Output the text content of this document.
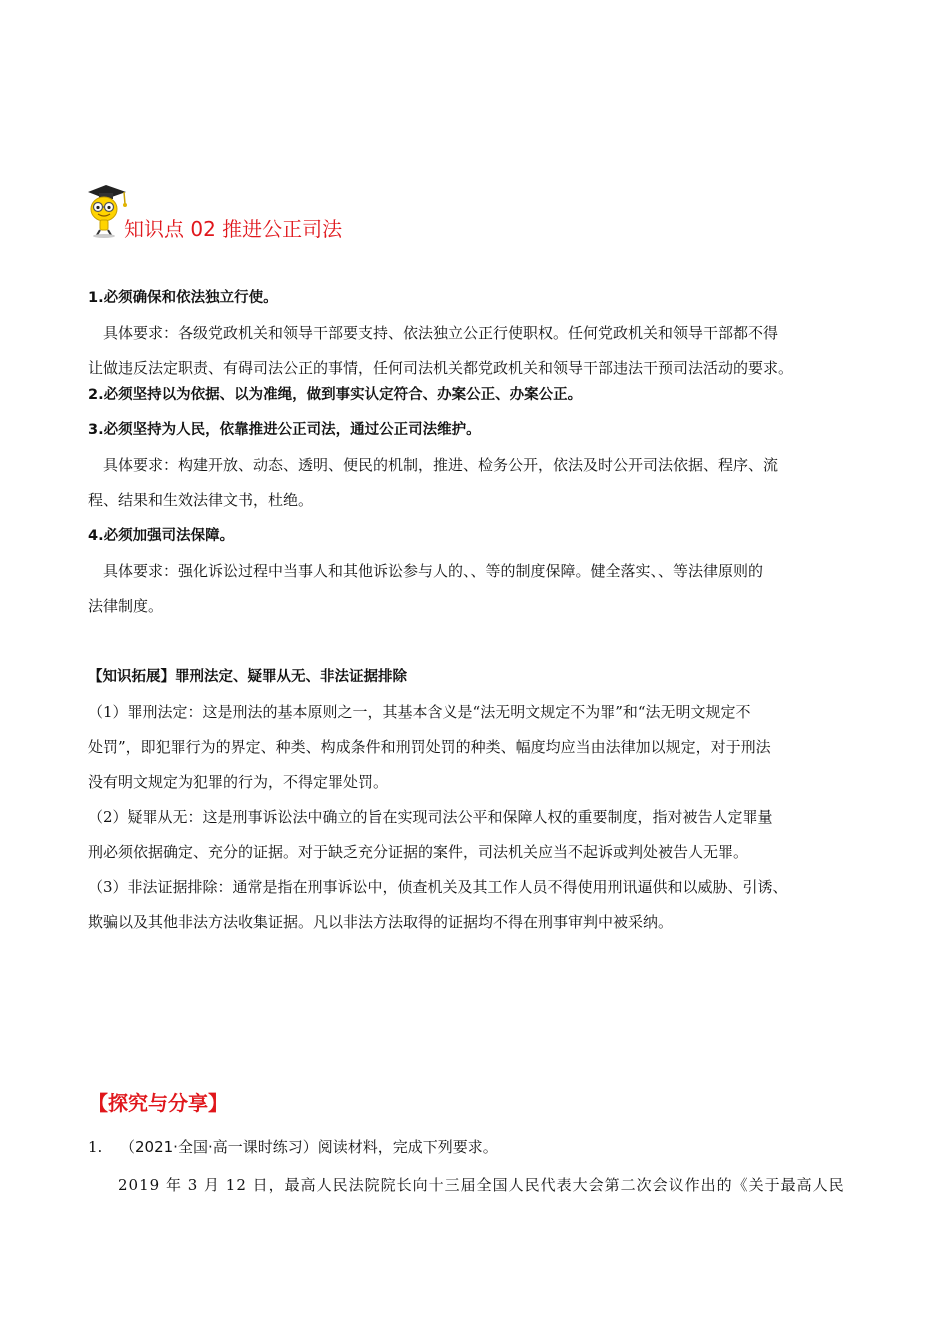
知识点 02 推进公正司法
1.必须确保和依法独立行使。
具体要求：各级党政机关和领导干部要支持、依法独立公正行使职权。任何党政机关和领导干部都不得
让做违反法定职责、有碍司法公正的事情，任何司法机关都党政机关和领导干部违法干预司法活动的要求。
2.必须坚持以为依据、以为准绳，做到事实认定符合、办案公正、办案公正。
3.必须坚持为人民，依靠推进公正司法，通过公正司法维护。
具体要求：构建开放、动态、透明、便民的机制，推进、检务公开，依法及时公开司法依据、程序、流
程、结果和生效法律文书，杜绝。
4.必须加强司法保障。
具体要求：强化诉讼过程中当事人和其他诉讼参与人的、、等的制度保障。健全落实、、等法律原则的
法律制度。
【知识拓展】罪刑法定、疑罪从无、非法证据排除
（1）罪刑法定：这是刑法的基本原则之一，其基本含义是“法无明文规定不为罪”和“法无明文规定不
处罚”，即犯罪行为的界定、种类、构成条件和刑罚处罚的种类、幅度均应当由法律加以规定，对于刑法
没有明文规定为犯罪的行为，不得定罪处罚。
（2）疑罪从无：这是刑事诉讼法中确立的旨在实现司法公平和保障人权的重要制度，指对被告人定罪量
刑必须依据确定、充分的证据。对于缺乏充分证据的案件，司法机关应当不起诉或判处被告人无罪。
（3）非法证据排除：通常是指在刑事诉讼中，侦查机关及其工作人员不得使用刑讯逼供和以威胁、引诱、
欺骗以及其他非法方法收集证据。凡以非法方法取得的证据均不得在刑事审判中被采纳。
【探究与分享】
1. （2021·全国·高一课时练习）阅读材料，完成下列要求。
2019 年 3 月 12 日，最高人民法院院长向十三届全国人民代表大会第二次会议作出的《关于最高人民
